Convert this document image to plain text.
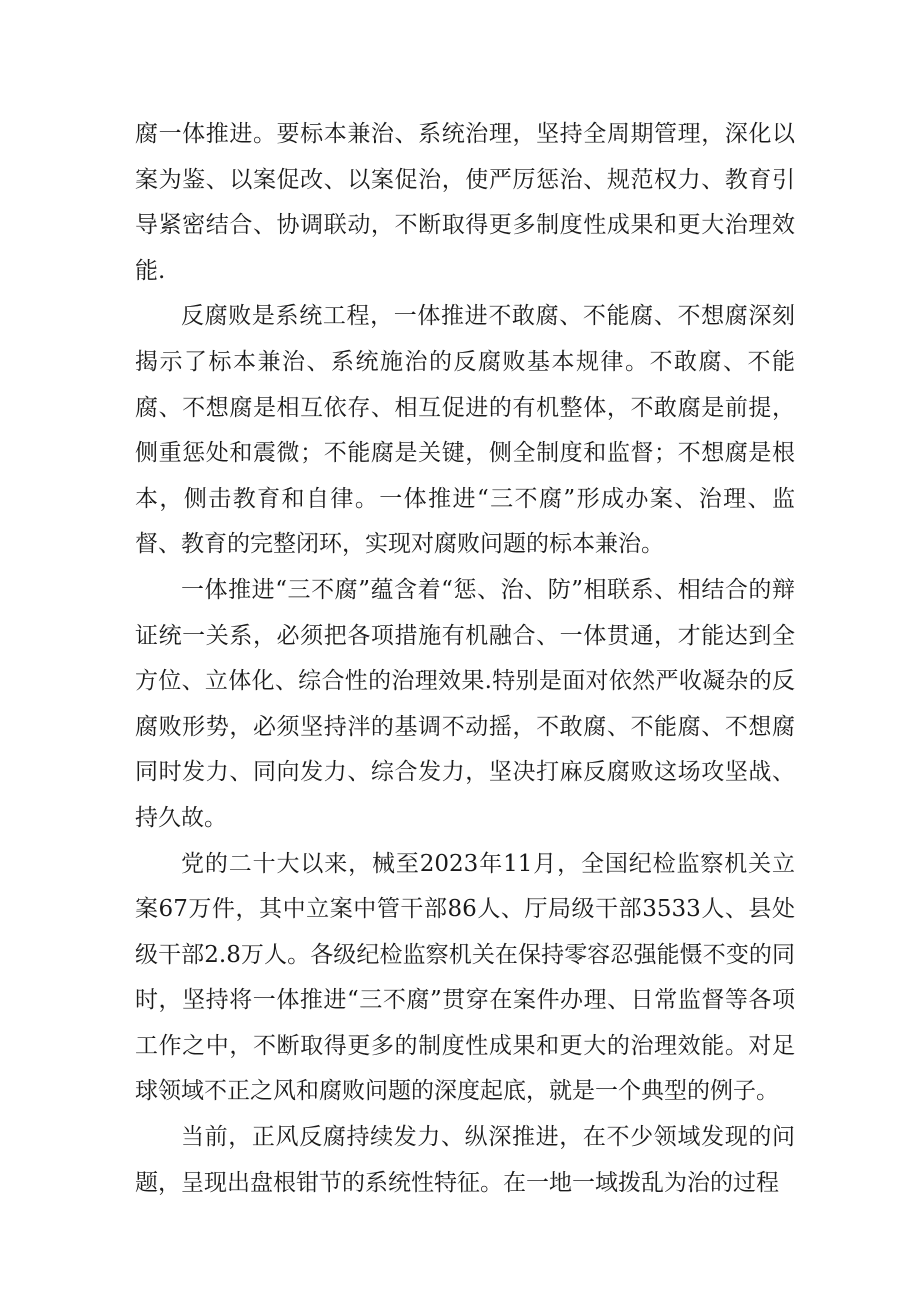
腐一体推进。要标本兼治、系统治理，坚持全周期管理，深化以案为鉴、以案促改、以案促治，使严厉惩治、规范权力、教育引导紧密结合、协调联动，不断取得更多制度性成果和更大治理效能.

反腐败是系统工程，一体推进不敢腐、不能腐、不想腐深刻揭示了标本兼治、系统施治的反腐败基本规律。不敢腐、不能腐、不想腐是相互依存、相互促进的有机整体，不敢腐是前提，侧重惩处和震微；不能腐是关键，侧全制度和监督；不想腐是根本，侧击教育和自律。一体推进“三不腐”形成办案、治理、监督、教育的完整闭环，实现对腐败问题的标本兼治。

一体推进“三不腐”蕴含着“惩、治、防”相联系、相结合的辩证统一关系，必须把各项措施有机融合、一体贯通，才能达到全方位、立体化、综合性的治理效果.特别是面对依然严收凝杂的反腐败形势，必须坚持泮的基调不动摇，不敢腐、不能腐、不想腐同时发力、同向发力、综合发力，坚决打麻反腐败这场攻坚战、持久故。

党的二十大以来，械至2023年11月，全国纪检监察机关立案67万件，其中立案中管干部86人、厅局级干部3533人、县处级干部2.8万人。各级纪检监察机关在保持零容忍强能慑不变的同时，坚持将一体推进“三不腐”贯穿在案件办理、日常监督等各项工作之中，不断取得更多的制度性成果和更大的治理效能。对足球领域不正之风和腐败问题的深度起底，就是一个典型的例子。

当前，正风反腐持续发力、纵深推进，在不少领域发现的问题，呈现出盘根钳节的系统性特征。在一地一域拨乱为治的过程
